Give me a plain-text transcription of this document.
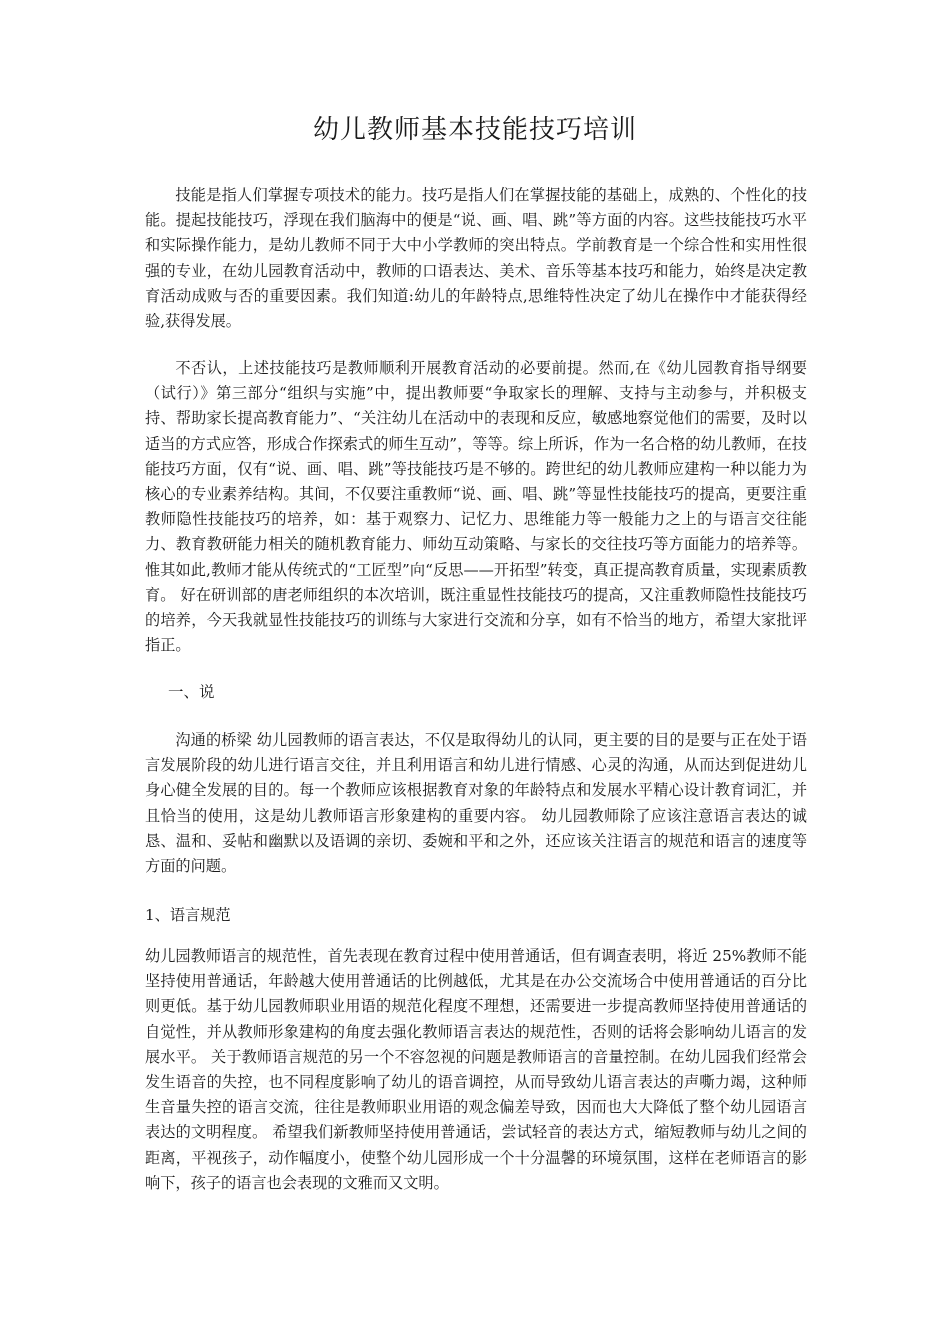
幼儿教师基本技能技巧培训

技能是指人们掌握专项技术的能力。技巧是指人们在掌握技能的基础上，成熟的、个性化的技能。提起技能技巧，浮现在我们脑海中的便是“说、画、唱、跳”等方面的内容。这些技能技巧水平和实际操作能力，是幼儿教师不同于大中小学教师的突出特点。学前教育是一个综合性和实用性很强的专业，在幼儿园教育活动中，教师的口语表达、美术、音乐等基本技巧和能力，始终是决定教育活动成败与否的重要因素。我们知道:幼儿的年龄特点,思维特性决定了幼儿在操作中才能获得经验,获得发展。

不否认，上述技能技巧是教师顺利开展教育活动的必要前提。然而,在《幼儿园教育指导纲要（试行）》第三部分“组织与实施”中，提出教师要“争取家长的理解、支持与主动参与，并积极支持、帮助家长提高教育能力”、“关注幼儿在活动中的表现和反应，敏感地察觉他们的需要，及时以适当的方式应答，形成合作探索式的师生互动”，等等。综上所诉，作为一名合格的幼儿教师，在技能技巧方面，仅有“说、画、唱、跳”等技能技巧是不够的。跨世纪的幼儿教师应建构一种以能力为核心的专业素养结构。其间，不仅要注重教师“说、画、唱、跳”等显性技能技巧的提高，更要注重教师隐性技能技巧的培养，如：基于观察力、记忆力、思维能力等一般能力之上的与语言交往能力、教育教研能力相关的随机教育能力、师幼互动策略、与家长的交往技巧等方面能力的培养等。惟其如此,教师才能从传统式的“工匠型”向“反思——开拓型”转变，真正提高教育质量，实现素质教育。 好在研训部的唐老师组织的本次培训，既注重显性技能技巧的提高，又注重教师隐性技能技巧的培养，今天我就显性技能技巧的训练与大家进行交流和分享，如有不恰当的地方，希望大家批评指正。

一、说

沟通的桥梁 幼儿园教师的语言表达，不仅是取得幼儿的认同，更主要的目的是要与正在处于语言发展阶段的幼儿进行语言交往，并且利用语言和幼儿进行情感、心灵的沟通，从而达到促进幼儿身心健全发展的目的。每一个教师应该根据教育对象的年龄特点和发展水平精心设计教育词汇，并且恰当的使用，这是幼儿教师语言形象建构的重要内容。 幼儿园教师除了应该注意语言表达的诚恳、温和、妥帖和幽默以及语调的亲切、委婉和平和之外，还应该关注语言的规范和语言的速度等方面的问题。

1、语言规范

幼儿园教师语言的规范性，首先表现在教育过程中使用普通话，但有调查表明，将近 25%教师不能坚持使用普通话，年龄越大使用普通话的比例越低，尤其是在办公交流场合中使用普通话的百分比则更低。基于幼儿园教师职业用语的规范化程度不理想，还需要进一步提高教师坚持使用普通话的自觉性，并从教师形象建构的角度去强化教师语言表达的规范性，否则的话将会影响幼儿语言的发展水平。 关于教师语言规范的另一个不容忽视的问题是教师语言的音量控制。在幼儿园我们经常会发生语音的失控，也不同程度影响了幼儿的语音调控，从而导致幼儿语言表达的声嘶力竭，这种师生音量失控的语言交流，往往是教师职业用语的观念偏差导致，因而也大大降低了整个幼儿园语言表达的文明程度。 希望我们新教师坚持使用普通话，尝试轻音的表达方式，缩短教师与幼儿之间的距离，平视孩子，动作幅度小，使整个幼儿园形成一个十分温馨的环境氛围，这样在老师语言的影响下，孩子的语言也会表现的文雅而又文明。
